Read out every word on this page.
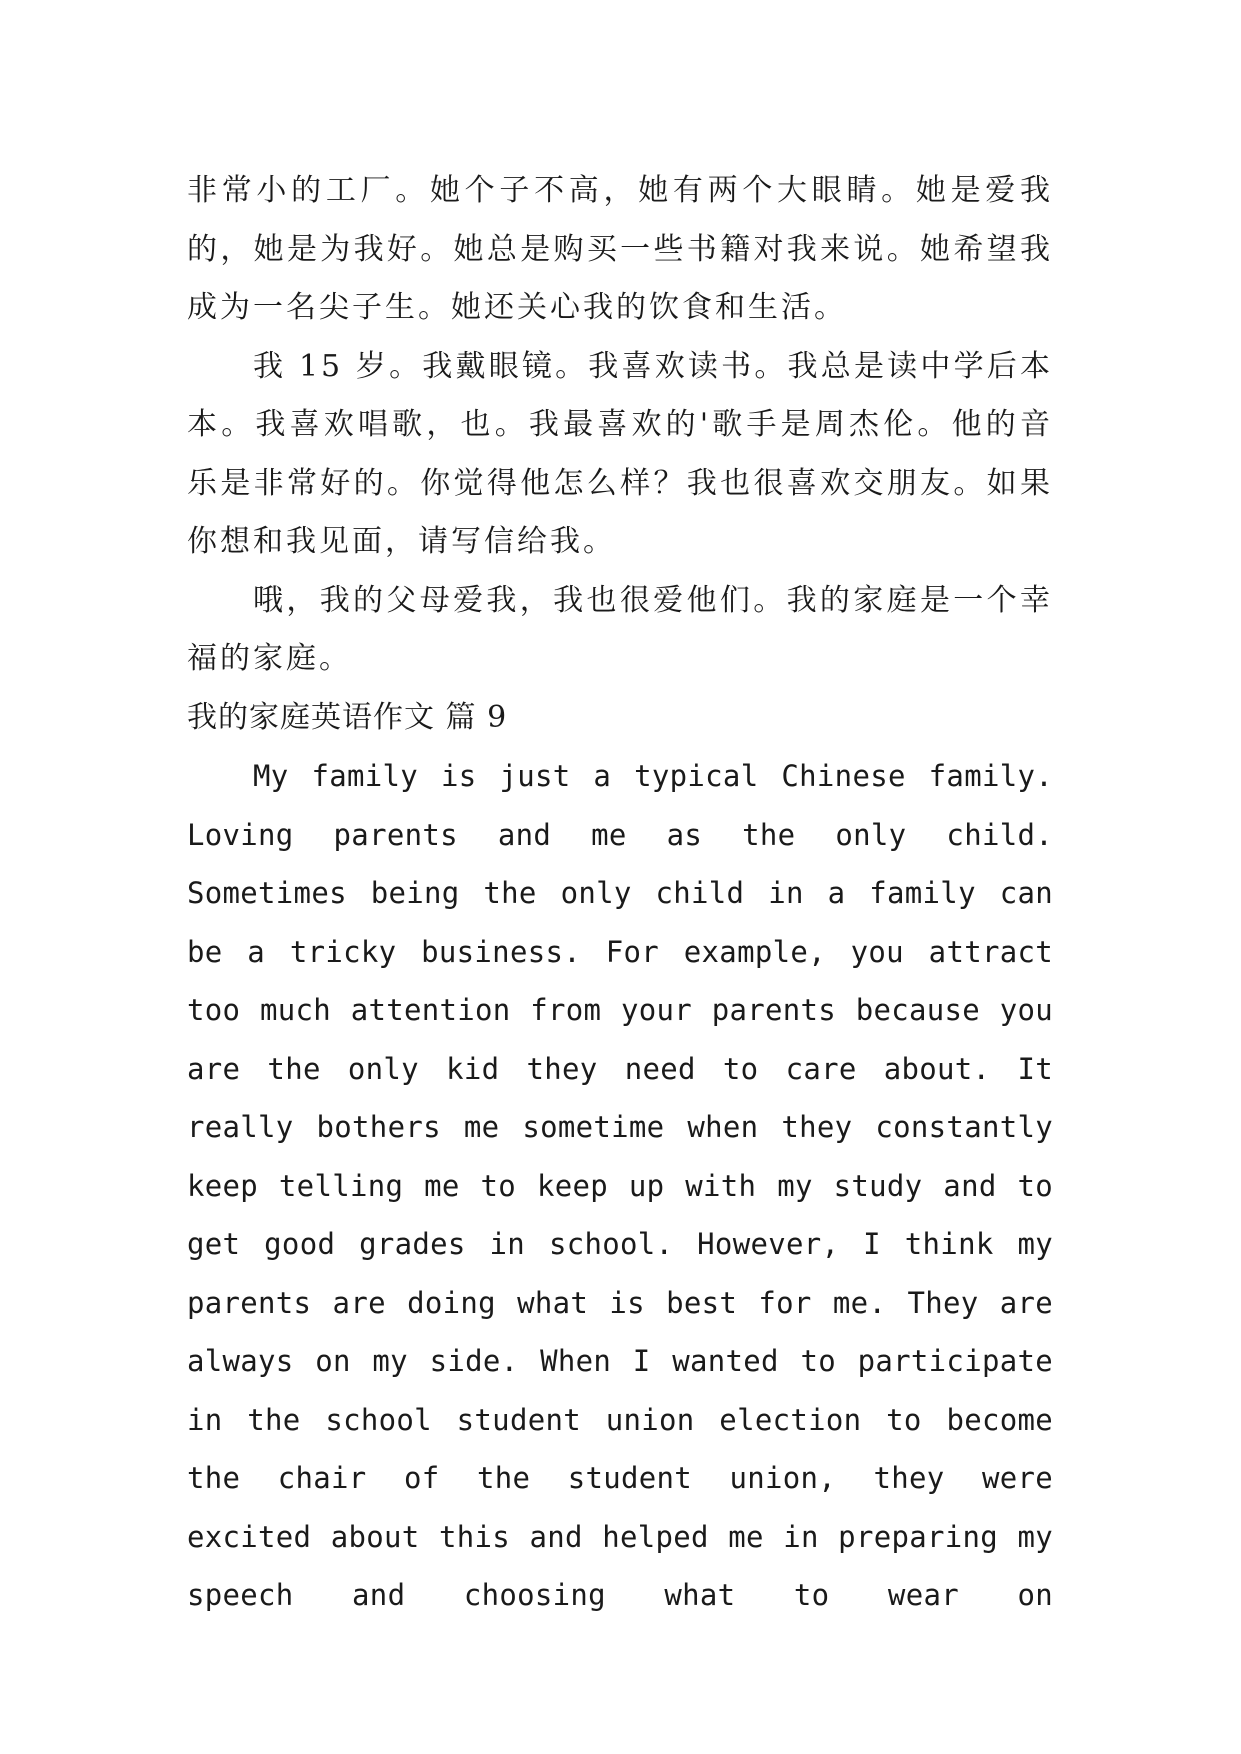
非常小的工厂。她个子不高，她有两个大眼睛。她是爱我的，她是为我好。她总是购买一些书籍对我来说。她希望我成为一名尖子生。她还关心我的饮食和生活。

我 15 岁。我戴眼镜。我喜欢读书。我总是读中学后本本。我喜欢唱歌，也。我最喜欢的'歌手是周杰伦。他的音乐是非常好的。你觉得他怎么样？我也很喜欢交朋友。如果你想和我见面，请写信给我。

哦，我的父母爱我，我也很爱他们。我的家庭是一个幸福的家庭。

我的家庭英语作文 篇 9

My family is just a typical Chinese family. Loving parents and me as the only child. Sometimes being the only child in a family can be a tricky business. For example, you attract too much attention from your parents because you are the only kid they need to care about. It really bothers me sometime when they constantly keep telling me to keep up with my study and to get good grades in school. However, I think my parents are doing what is best for me. They are always on my side. When I wanted to participate in the school student union election to become the chair of the student union, they were excited about this and helped me in preparing my speech and choosing what to wear on
